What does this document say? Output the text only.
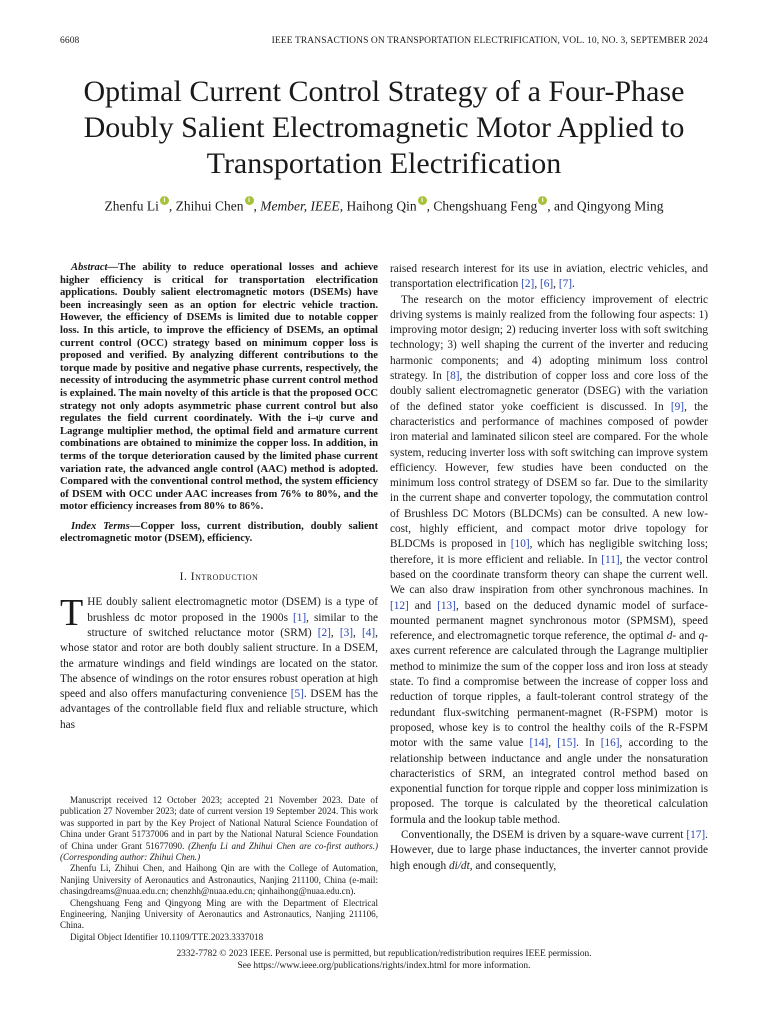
6608	IEEE TRANSACTIONS ON TRANSPORTATION ELECTRIFICATION, VOL. 10, NO. 3, SEPTEMBER 2024
Optimal Current Control Strategy of a Four-Phase
Doubly Salient Electromagnetic Motor Applied to
Transportation Electrification
Zhenfu Li i , Zhihui Chen i , Member, IEEE, Haihong Qin i , Chengshuang Feng i , and Qingyong Ming

Abstract—The ability to reduce operational losses and achieve higher efficiency is critical for transportation electrification applications. Doubly salient electromagnetic motors (DSEMs) have been increasingly seen as an option for electric vehicle traction. However, the efficiency of DSEMs is limited due to notable copper loss. In this article, to improve the efficiency of DSEMs, an optimal current control (OCC) strategy based on minimum copper loss is proposed and verified. By analyzing different contributions to the torque made by positive and negative phase currents, respectively, the necessity of introducing the asymmetric phase current control method is explained. The main novelty of this article is that the proposed OCC strategy not only adopts asymmetric phase current control but also regulates the field current coordinately. With the i–ψ curve and Lagrange multiplier method, the optimal field and armature current combinations are obtained to minimize the copper loss. In addition, in terms of the torque deterioration caused by the limited phase current variation rate, the advanced angle control (AAC) method is adopted. Compared with the conventional control method, the system efficiency of DSEM with OCC under AAC increases from 76% to 80%, and the motor efficiency increases from 80% to 86%.

Index Terms—Copper loss, current distribution, doubly salient electromagnetic motor (DSEM), efficiency.

I. Introduction

THE doubly salient electromagnetic motor (DSEM) is a type of brushless dc motor proposed in the 1900s [1], similar to the structure of switched reluctance motor (SRM) [2], [3], [4], whose stator and rotor are both doubly salient structure. In a DSEM, the armature windings and field windings are located on the stator. The absence of windings on the rotor ensures robust operation at high speed and also offers manufacturing convenience [5]. DSEM has the advantages of the controllable field flux and reliable structure, which has

Manuscript received 12 October 2023; accepted 21 November 2023. Date of publication 27 November 2023; date of current version 19 September 2024. This work was supported in part by the Key Project of National Natural Science Foundation of China under Grant 51737006 and in part by the National Natural Science Foundation of China under Grant 51677090. (Zhenfu Li and Zhihui Chen are co-first authors.) (Corresponding author: Zhihui Chen.)

Zhenfu Li, Zhihui Chen, and Haihong Qin are with the College of Automation, Nanjing University of Aeronautics and Astronautics, Nanjing 211100, China (e-mail: chasingdreams@nuaa.edu.cn; chenzhh@nuaa.edu.cn; qinhaihong@nuaa.edu.cn).

Chengshuang Feng and Qingyong Ming are with the Department of Electrical Engineering, Nanjing University of Aeronautics and Astronautics, Nanjing 211106, China.

Digital Object Identifier 10.1109/TTE.2023.3337018

raised research interest for its use in aviation, electric vehicles, and transportation electrification [2], [6], [7].

The research on the motor efficiency improvement of electric driving systems is mainly realized from the following four aspects: 1) improving motor design; 2) reducing inverter loss with soft switching technology; 3) well shaping the current of the inverter and reducing harmonic components; and 4) adopting minimum loss control strategy. In [8], the distribution of copper loss and core loss of the doubly salient electromagnetic generator (DSEG) with the variation of the defined stator yoke coefficient is discussed. In [9], the characteristics and performance of machines composed of powder iron material and laminated silicon steel are compared. For the whole system, reducing inverter loss with soft switching can improve system efficiency. However, few studies have been conducted on the minimum loss control strategy of DSEM so far. Due to the similarity in the current shape and converter topology, the commutation control of Brushless DC Motors (BLDCMs) can be consulted. A new low-cost, highly efficient, and compact motor drive topology for BLDCMs is proposed in [10], which has negligible switching loss; therefore, it is more efficient and reliable. In [11], the vector control based on the coordinate transform theory can shape the current well. We can also draw inspiration from other synchronous machines. In [12] and [13], based on the deduced dynamic model of surface-mounted permanent magnet synchronous motor (SPMSM), speed reference, and electromagnetic torque reference, the optimal d- and q-axes current reference are calculated through the Lagrange multiplier method to minimize the sum of the copper loss and iron loss at steady state. To find a compromise between the increase of copper loss and reduction of torque ripples, a fault-tolerant control strategy of the redundant flux-switching permanent-magnet (R-FSPM) motor is proposed, whose key is to control the healthy coils of the R-FSPM motor with the same value [14], [15]. In [16], according to the relationship between inductance and angle under the nonsaturation characteristics of SRM, an integrated control method based on exponential function for torque ripple and copper loss minimization is proposed. The torque is calculated by the theoretical calculation formula and the lookup table method.

Conventionally, the DSEM is driven by a square-wave current [17]. However, due to large phase inductances, the inverter cannot provide high enough di/dt, and consequently,

2332-7782 © 2023 IEEE. Personal use is permitted, but republication/redistribution requires IEEE permission.
See https://www.ieee.org/publications/rights/index.html for more information.
